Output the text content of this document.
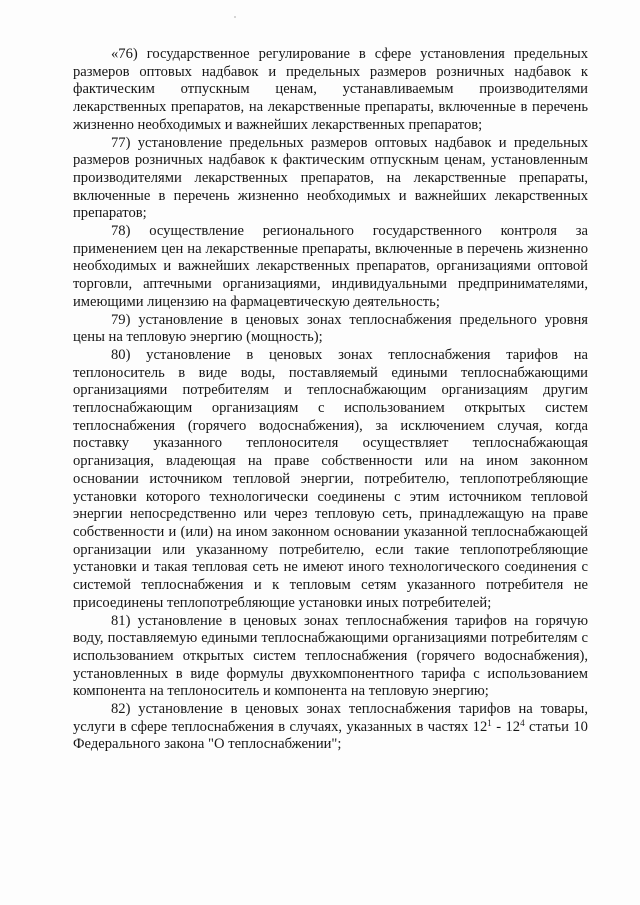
«76) государственное регулирование в сфере установления предельных размеров оптовых надбавок и предельных размеров розничных надбавок к фактическим отпускным ценам, устанавливаемым производителями лекарственных препаратов, на лекарственные препараты, включенные в перечень жизненно необходимых и важнейших лекарственных препаратов;

77) установление предельных размеров оптовых надбавок и предельных размеров розничных надбавок к фактическим отпускным ценам, установленным производителями лекарственных препаратов, на лекарственные препараты, включенные в перечень жизненно необходимых и важнейших лекарственных препаратов;

78) осуществление регионального государственного контроля за применением цен на лекарственные препараты, включенные в перечень жизненно необходимых и важнейших лекарственных препаратов, организациями оптовой торговли, аптечными организациями, индивидуальными предпринимателями, имеющими лицензию на фармацевтическую деятельность;

79) установление в ценовых зонах теплоснабжения предельного уровня цены на тепловую энергию (мощность);

80) установление в ценовых зонах теплоснабжения тарифов на теплоноситель в виде воды, поставляемый едиными теплоснабжающими организациями потребителям и теплоснабжающим организациям другим теплоснабжающим организациям с использованием открытых систем теплоснабжения (горячего водоснабжения), за исключением случая, когда поставку указанного теплоносителя осуществляет теплоснабжающая организация, владеющая на праве собственности или на ином законном основании источником тепловой энергии, потребителю, теплопотребляющие установки которого технологически соединены с этим источником тепловой энергии непосредственно или через тепловую сеть, принадлежащую на праве собственности и (или) на ином законном основании указанной теплоснабжающей организации или указанному потребителю, если такие теплопотребляющие установки и такая тепловая сеть не имеют иного технологического соединения с системой теплоснабжения и к тепловым сетям указанного потребителя не присоединены теплопотребляющие установки иных потребителей;

81) установление в ценовых зонах теплоснабжения тарифов на горячую воду, поставляемую едиными теплоснабжающими организациями потребителям с использованием открытых систем теплоснабжения (горячего водоснабжения), установленных в виде формулы двухкомпонентного тарифа с использованием компонента на теплоноситель и компонента на тепловую энергию;

82) установление в ценовых зонах теплоснабжения тарифов на товары, услуги в сфере теплоснабжения в случаях, указанных в частях $12^1 - 12^4$ статьи 10 Федерального закона "О теплоснабжении";
